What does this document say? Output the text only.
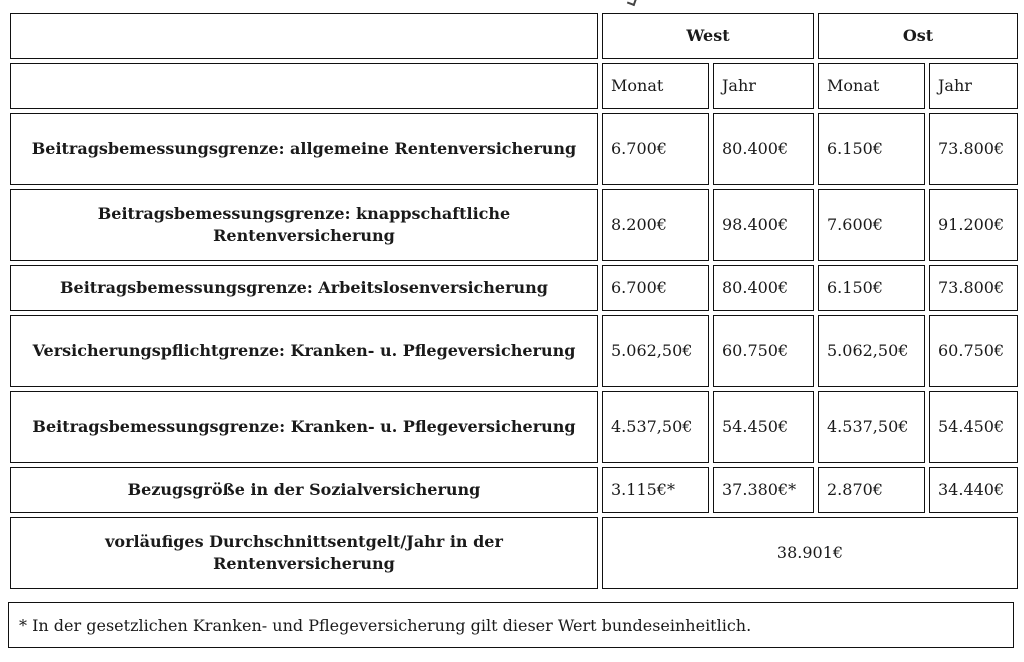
	West		Ost	
	Monat	Jahr	Monat	Jahr
Beitragsbemessungsgrenze: allgemeine Rentenversicherung	6.700€	80.400€	6.150€	73.800€
Beitragsbemessungsgrenze: knappschaftliche Rentenversicherung	8.200€	98.400€	7.600€	91.200€
Beitragsbemessungsgrenze: Arbeitslosenversicherung	6.700€	80.400€	6.150€	73.800€
Versicherungspflichtgrenze: Kranken- u. Pflegeversicherung	5.062,50€	60.750€	5.062,50€	60.750€
Beitragsbemessungsgrenze: Kranken- u. Pflegeversicherung	4.537,50€	54.450€	4.537,50€	54.450€
Bezugsgröße in der Sozialversicherung	3.115€*	37.380€*	2.870€	34.440€
vorläufiges Durchschnittsentgelt/Jahr in der Rentenversicherung	38.901€			
* In der gesetzlichen Kranken- und Pflegeversicherung gilt dieser Wert bundeseinheitlich.
